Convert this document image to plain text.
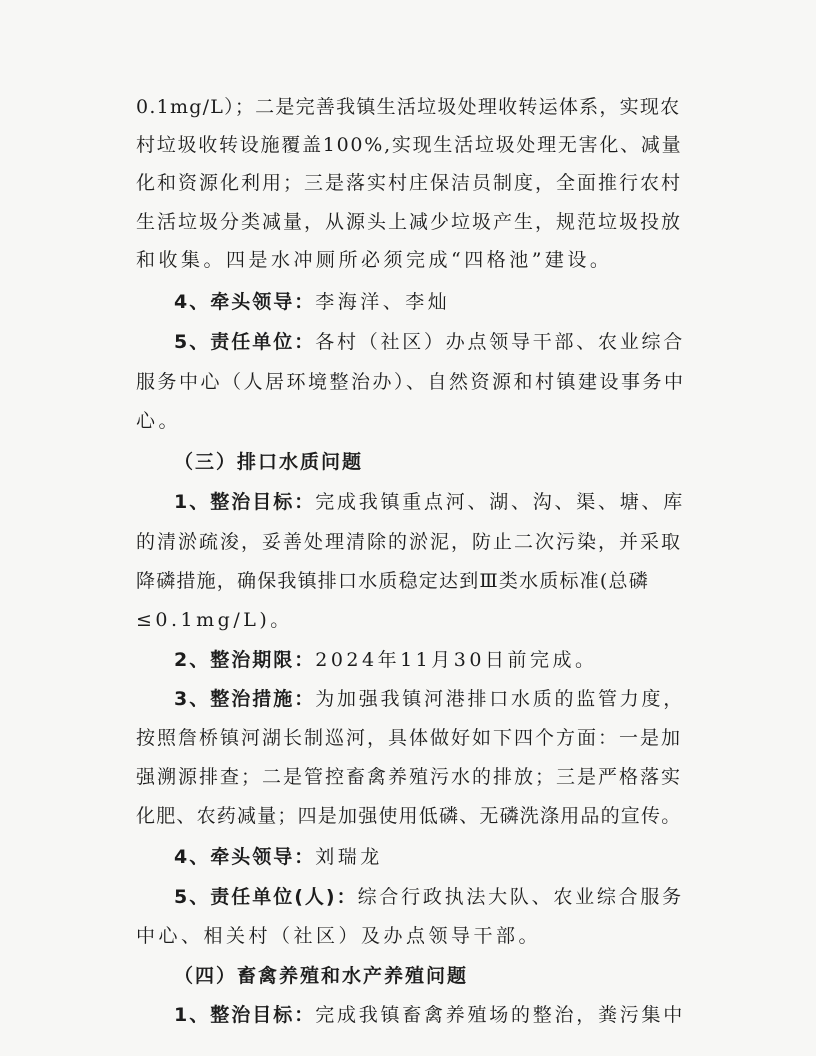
0.1mg/L）；二是完善我镇生活垃圾处理收转运体系，实现农
村垃圾收转设施覆盖100%,实现生活垃圾处理无害化、减量
化和资源化利用；三是落实村庄保洁员制度，全面推行农村
生活垃圾分类减量，从源头上减少垃圾产生，规范垃圾投放
和收集。四是水冲厕所必须完成“四格池”建设。
4、牵头领导：李海洋、李灿
5、责任单位：各村（社区）办点领导干部、农业综合
服务中心（人居环境整治办）、自然资源和村镇建设事务中
心。
（三）排口水质问题
1、整治目标：完成我镇重点河、湖、沟、渠、塘、库
的清淤疏浚，妥善处理清除的淤泥，防止二次污染，并采取
降磷措施，确保我镇排口水质稳定达到Ⅲ类水质标准(总磷
≤0.1mg/L)。
2、整治期限：2024年11月30日前完成。
3、整治措施：为加强我镇河港排口水质的监管力度，
按照詹桥镇河湖长制巡河，具体做好如下四个方面：一是加
强溯源排查；二是管控畜禽养殖污水的排放；三是严格落实
化肥、农药减量；四是加强使用低磷、无磷洗涤用品的宣传。
4、牵头领导：刘瑞龙
5、责任单位(人)：综合行政执法大队、农业综合服务
中心、相关村（社区）及办点领导干部。
（四）畜禽养殖和水产养殖问题
1、整治目标：完成我镇畜禽养殖场的整治，粪污集中
